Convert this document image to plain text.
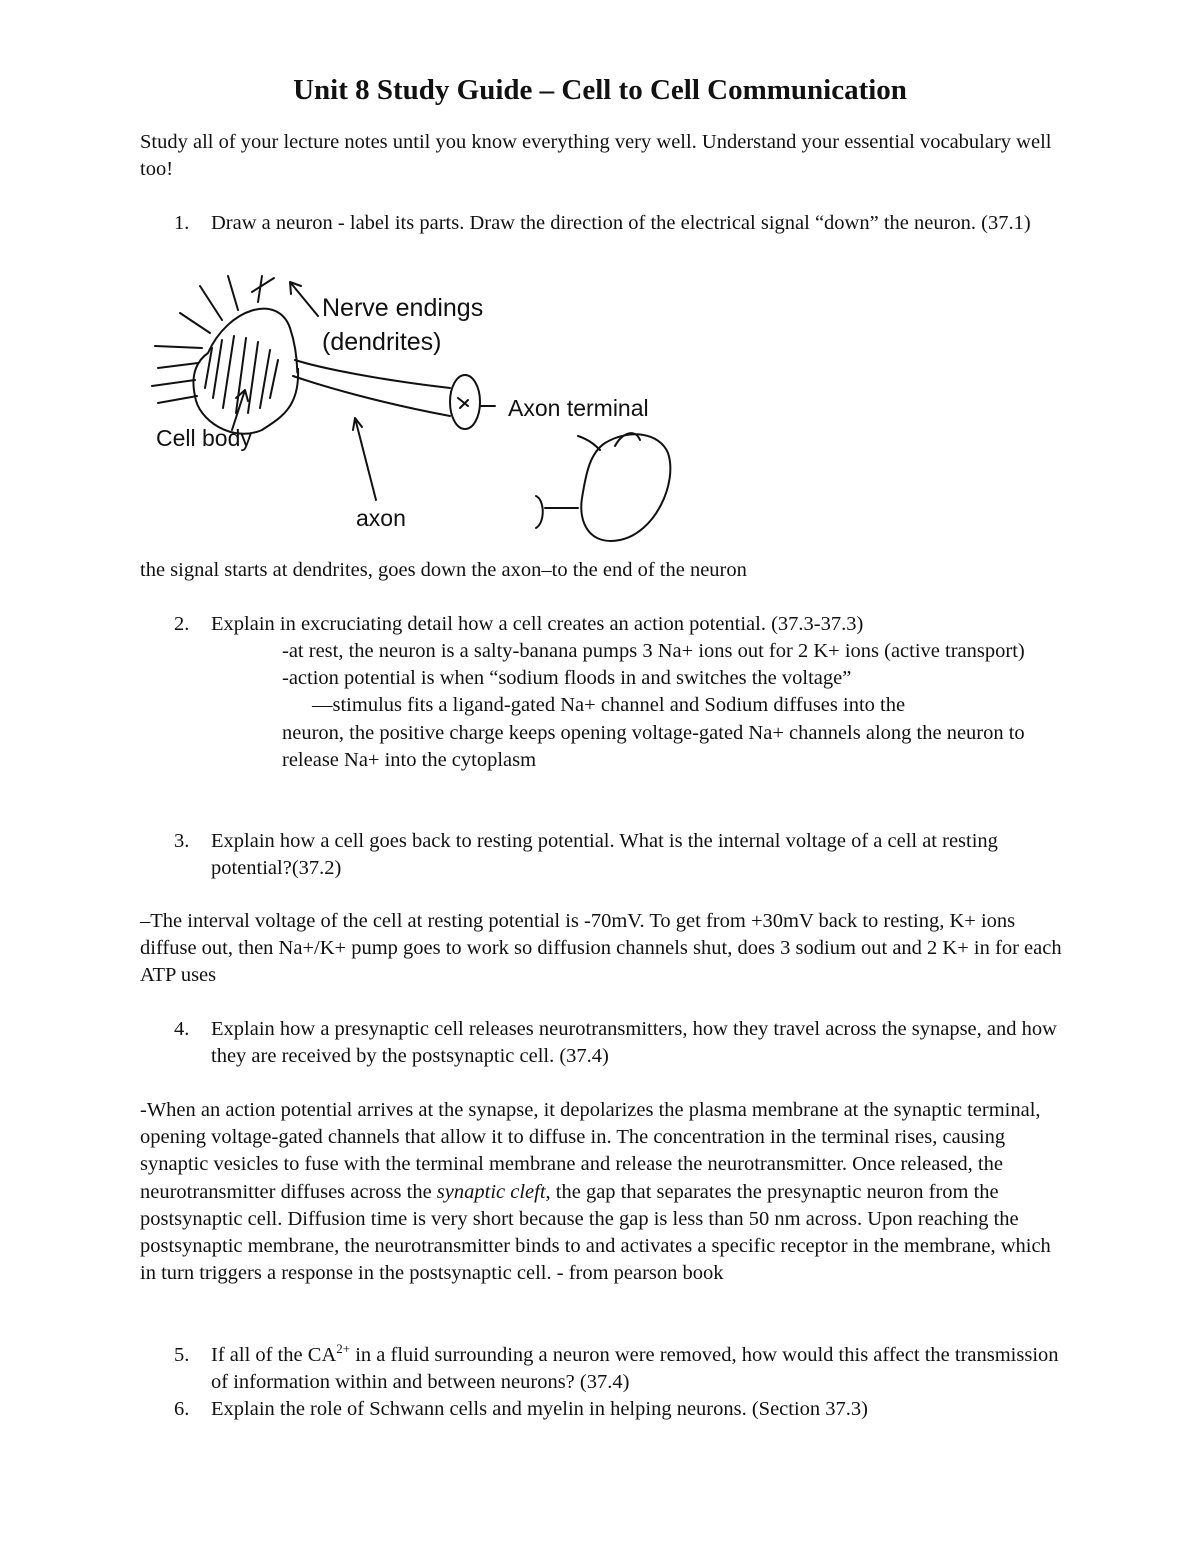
Unit 8 Study Guide – Cell to Cell Communication

Study all of your lecture notes until you know everything very well. Understand your essential vocabulary well too!

1.	Draw a neuron - label its parts. Draw the direction of the electrical signal “down” the neuron. (37.1)
Nerve endings
(dendrites)
Axon terminal
Cell body
axon

the signal starts at dendrites, goes down the axon–to the end of the neuron

2.	Explain in excruciating detail how a cell creates an action potential. (37.3-37.3)
-at rest, the neuron is a salty-banana pumps 3 Na+ ions out for 2 K+ ions (active transport)
-action potential is when “sodium floods in and switches the voltage”
—stimulus fits a ligand-gated Na+ channel and Sodium diffuses into the
neuron, the positive charge keeps opening voltage-gated Na+ channels along the neuron to release Na+ into the cytoplasm
3.	Explain how a cell goes back to resting potential. What is the internal voltage of a cell at resting potential?(37.2)

–The interval voltage of the cell at resting potential is -70mV. To get from +30mV back to resting, K+ ions diffuse out, then Na+/K+ pump goes to work so diffusion channels shut, does 3 sodium out and 2 K+ in for each ATP uses

4.	Explain how a presynaptic cell releases neurotransmitters, how they travel across the synapse, and how they are received by the postsynaptic cell. (37.4)

-When an action potential arrives at the synapse, it depolarizes the plasma membrane at the synaptic terminal, opening voltage-gated channels that allow it to diffuse in. The concentration in the terminal rises, causing synaptic vesicles to fuse with the terminal membrane and release the neurotransmitter. Once released, the neurotransmitter diffuses across the synaptic cleft, the gap that separates the presynaptic neuron from the postsynaptic cell. Diffusion time is very short because the gap is less than 50 nm across. Upon reaching the postsynaptic membrane, the neurotransmitter binds to and activates a specific receptor in the membrane, which in turn triggers a response in the postsynaptic cell. - from pearson book

5.	If all of the $CA^{2+}$ in a fluid surrounding a neuron were removed, how would this affect the transmission of information within and between neurons? (37.4)
6.	Explain the role of Schwann cells and myelin in helping neurons. (Section 37.3)
